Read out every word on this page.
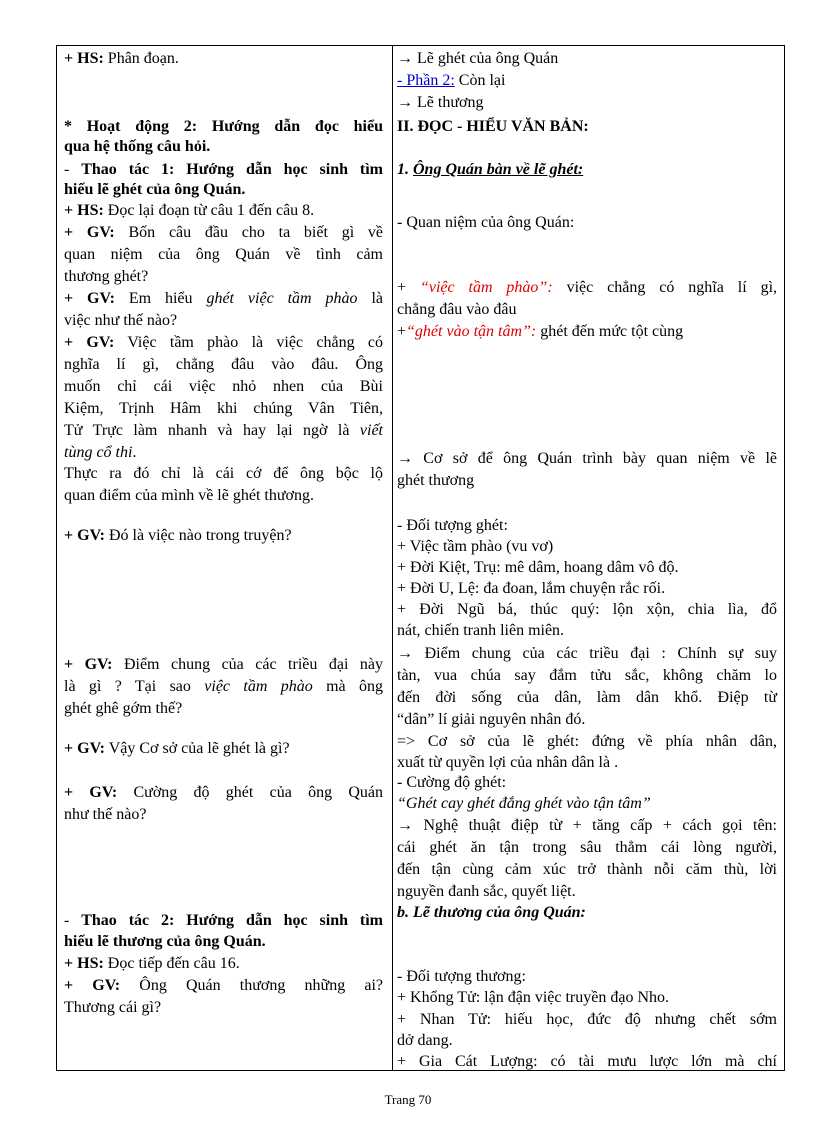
+ HS: Phân đoạn.
* Hoạt động 2: Hướng dẫn đọc hiểu
qua hệ thống câu hỏi.
- Thao tác 1: Hướng dẫn học sinh tìm
hiểu lẽ ghét của ông Quán.
+ HS: Đọc lại đoạn từ câu 1 đến câu 8.
+ GV: Bốn câu đầu cho ta biết gì về
quan niệm của ông Quán về tình cảm
thương ghét?
+ GV: Em hiểu ghét việc tầm phào là
việc như thế nào?
+ GV: Việc tầm phào là việc chẳng có
nghĩa lí gì, chẳng đâu vào đâu. Ông
muốn chỉ cái việc nhỏ nhen của Bùi
Kiệm, Trịnh Hâm khi chúng Vân Tiên,
Tử Trực làm nhanh và hay lại ngờ là viết
tùng cổ thi.
Thực ra đó chỉ là cái cớ để ông bộc lộ
quan điểm của mình về lẽ ghét thương.
+ GV: Đó là việc nào trong truyện?
+ GV: Điểm chung của các triều đại này
là gì ? Tại sao việc tầm phào mà ông
ghét ghê gớm thế?
+ GV: Vậy Cơ sở của lẽ ghét là gì?
+ GV: Cường độ ghét của ông Quán
như thế nào?
- Thao tác 2: Hướng dẫn học sinh tìm
hiểu lẽ thương của ông Quán.
+ HS: Đọc tiếp đến câu 16.
+ GV: Ông Quán thương những ai?
Thương cái gì?
→ Lẽ ghét của ông Quán
- Phần 2: Còn lại
→ Lẽ thương
II. ĐỌC - HIỂU VĂN BẢN:
1. Ông Quán bàn về lẽ ghét:
- Quan niệm của ông Quán:
+ “việc tầm phào”: việc chẳng có nghĩa lí gì,
chẳng đâu vào đâu
+“ghét vào tận tâm”: ghét đến mức tột cùng
→ Cơ sở để ông Quán trình bày quan niệm về lẽ
ghét thương
- Đối tượng ghét:
+ Việc tầm phào (vu vơ)
+ Đời Kiệt, Trụ: mê dâm, hoang dâm vô độ.
+ Đời U, Lệ: đa đoan, lắm chuyện rắc rối.
+ Đời Ngũ bá, thúc quý: lộn xộn, chia lìa, đổ
nát, chiến tranh liên miên.
→ Điểm chung của các triều đại : Chính sự suy
tàn, vua chúa say đắm tửu sắc, không chăm lo
đến đời sống của dân, làm dân khổ. Điệp từ
“dân” lí giải nguyên nhân đó.
=> Cơ sở của lẽ ghét: đứng về phía nhân dân,
xuất từ quyền lợi của nhân dân là .
- Cường độ ghét:
“Ghét cay ghét đắng ghét vào tận tâm”
→ Nghệ thuật điệp từ + tăng cấp + cách gọi tên:
cái ghét ăn tận trong sâu thẳm cái lòng người,
đến tận cùng cảm xúc trở thành nỗi căm thù, lời
nguyền đanh sắc, quyết liệt.
b. Lẽ thương của ông Quán:
- Đối tượng thương:
+ Khổng Tử: lận đận việc truyền đạo Nho.
+ Nhan Tử: hiếu học, đức độ nhưng chết sớm
dở dang.
+ Gia Cát Lượng: có tài mưu lược lớn mà chí
Trang 70
